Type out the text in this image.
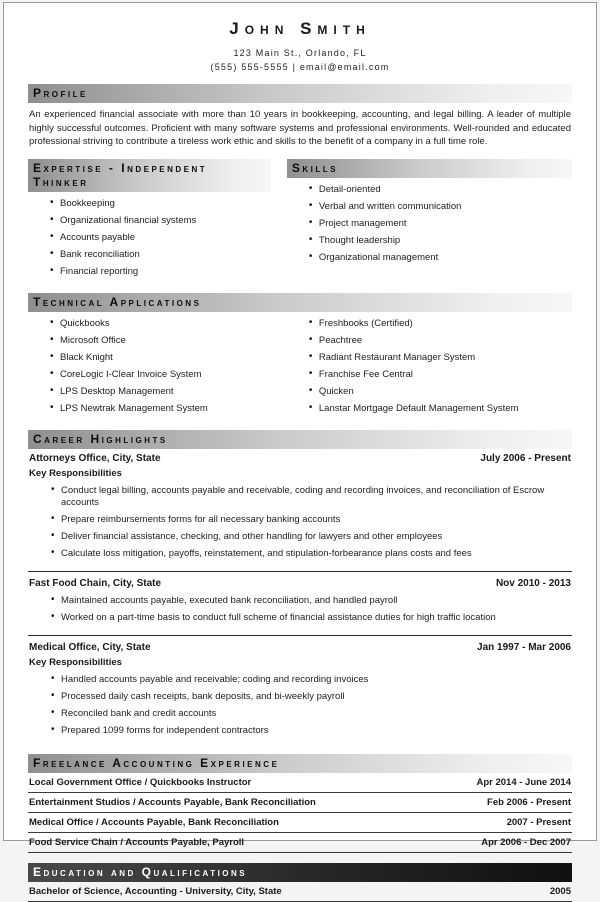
John Smith
123 Main St., Orlando, FL
(555) 555-5555 | email@email.com
Profile

An experienced financial associate with more than 10 years in bookkeeping, accounting, and legal billing. A leader of multiple highly successful outcomes. Proficient with many software systems and professional environments. Well-rounded and educated professional striving to contribute a tireless work ethic and skills to the benefit of a company in a full time role.

Expertise - Independent Thinker
• Bookkeeping
• Organizational financial systems
• Accounts payable
• Bank reconciliation
• Financial reporting
Skills
• Detail-oriented
• Verbal and written communication
• Project management
• Thought leadership
• Organizational management
Technical Applications
• Quickbooks
• Microsoft Office
• Black Knight
• CoreLogic I-Clear Invoice System
• LPS Desktop Management
• LPS Newtrak Management System
• Freshbooks (Certified)
• Peachtree
• Radiant Restaurant Manager System
• Franchise Fee Central
• Quicken
• Lanstar Mortgage Default Management System
Career Highlights
Attorneys Office, City, State	July 2006 - Present
Key Responsibilities
• Conduct legal billing, accounts payable and receivable, coding and recording invoices, and reconciliation of Escrow accounts
• Prepare reimbursements forms for all necessary banking accounts
• Deliver financial assistance, checking, and other handling for lawyers and other employees
• Calculate loss mitigation, payoffs, reinstatement, and stipulation-forbearance plans costs and fees
Fast Food Chain, City, State	Nov 2010 - 2013
• Maintained accounts payable, executed bank reconciliation, and handled payroll
• Worked on a part-time basis to conduct full scheme of financial assistance duties for high traffic location
Medical Office, City, State	Jan 1997 - Mar 2006
Key Responsibilities
• Handled accounts payable and receivable; coding and recording invoices
• Processed daily cash receipts, bank deposits, and bi-weekly payroll
• Reconciled bank and credit accounts
• Prepared 1099 forms for independent contractors
Freelance Accounting Experience
Local Government Office / Quickbooks Instructor	Apr 2014 - June 2014
Entertainment Studios / Accounts Payable, Bank Reconciliation	Feb 2006 - Present
Medical Office / Accounts Payable, Bank Reconciliation	2007 - Present
Food Service Chain / Accounts Payable, Payroll	Apr 2006 - Dec 2007
Education and Qualifications
Bachelor of Science, Accounting - University, City, State	2005
